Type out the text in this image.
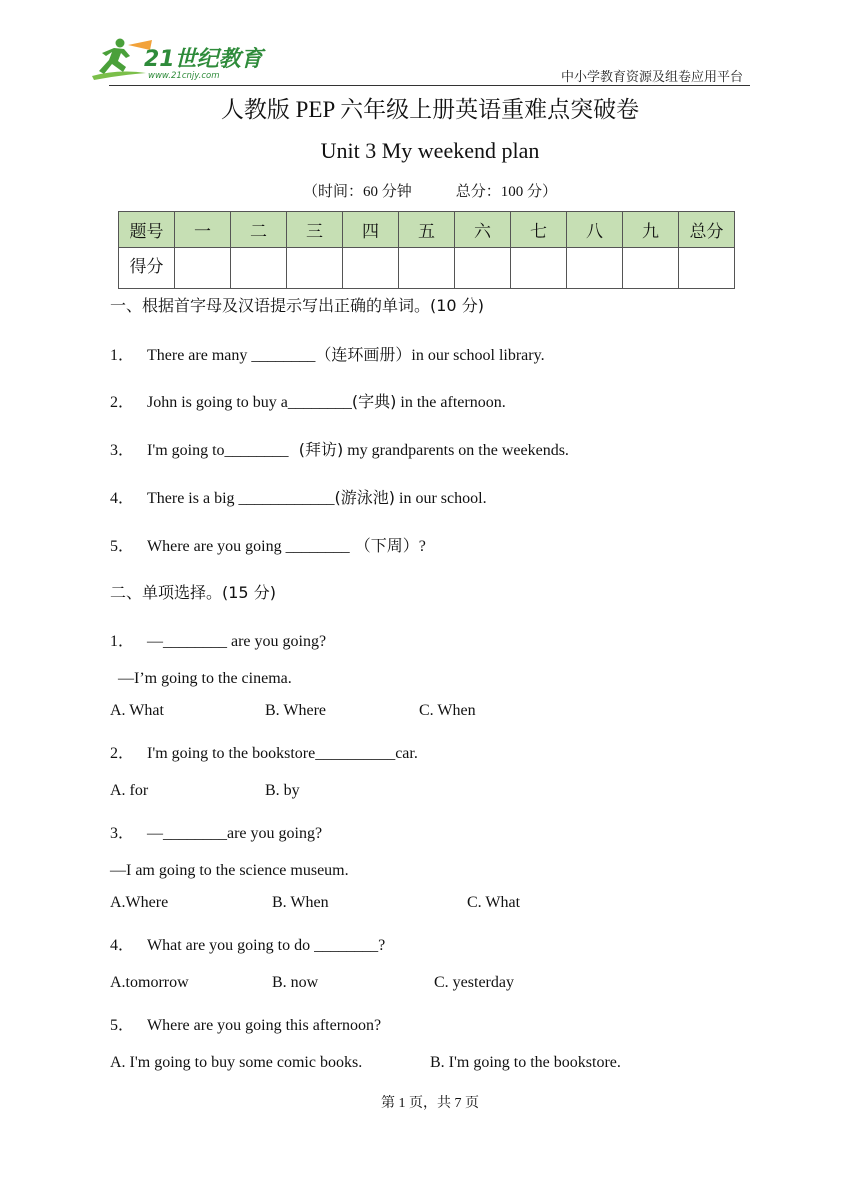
21世纪教育
www.21cnjy.com	中小学教育资源及组卷应用平台
人教版 PEP 六年级上册英语重难点突破卷
Unit 3 My weekend plan
（时间：60 分钟	总分：100 分）
题号	一	二	三	四	五	六	七	八	九	总分
得分										
一、根据首字母及汉语提示写出正确的单词。(10 分)
1． There are many ________（连环画册）in our school library.
2． John is going to buy a________(字典) in the afternoon.
3． I'm going to________  (拜访) my grandparents on the weekends.
4． There is a big ____________(游泳池) in our school.
5． Where are you going ________ （下周）?
二、单项选择。(15 分)
1． —________ are you going?
—I’m going to the cinema.
A. What	B. Where	C. When
2． I'm going to the bookstore__________car.
A. for	B. by
3． —________are you going?
—I am going to the science museum.
A.Where	B. When	C. What
4． What are you going to do ________?
A.tomorrow	B. now	C. yesterday
5． Where are you going this afternoon?
A. I'm going to buy some comic books.	B. I'm going to the bookstore.
第 1 页，共 7 页
